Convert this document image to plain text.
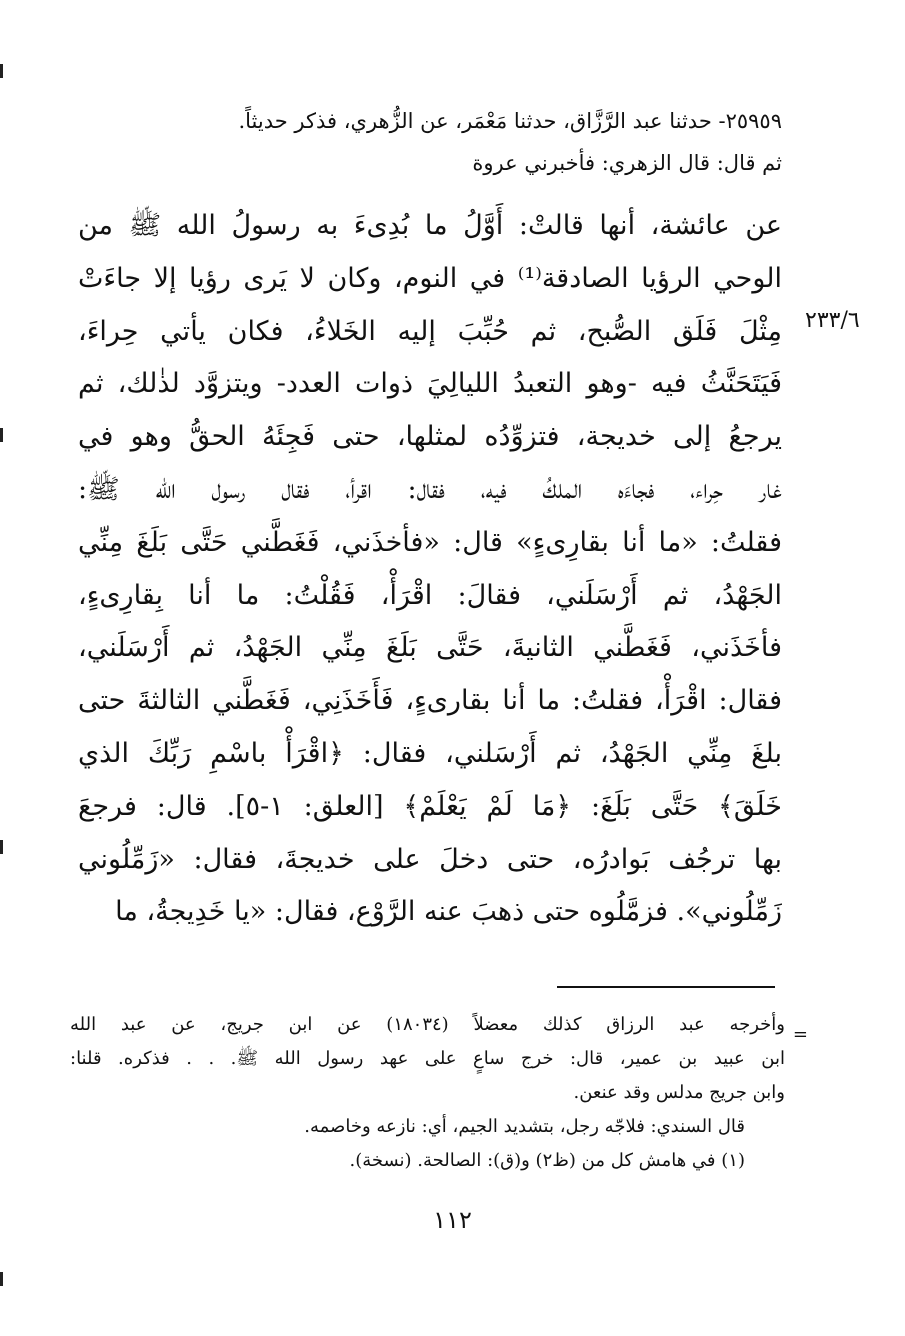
٢٥٩٥٩- حدثنا عبد الرَّزَّاق، حدثنا مَعْمَر، عن الزُّهري، فذكر حديثاً.
ثم قال: قال الزهري: فأخبرني عروة
٢٣٣/٦
عن عائشة، أنها قالتْ: أَوَّلُ ما بُدِىءَ به رسولُ الله ﷺ من
الوحي الرؤيا الصادقة⁽¹⁾ في النوم، وكان لا يَرى رؤيا إلا جاءَتْ
مِثْلَ فَلَق الصُّبح، ثم حُبِّبَ إليه الخَلاءُ، فكان يأتي حِراءَ،
فَيَتَحَنَّثُ فيه -وهو التعبدُ الليالِيَ ذوات العدد- ويتزوَّد لذٰلك، ثم
يرجعُ إلى خديجة، فتزوِّدُه لمثلها، حتى فَجِئَهُ الحقُّ وهو في
غار حِراء، فجاءَه الملكُ فيه، فقال: اقرأ، فقال رسول الله ﷺ:
فقلتُ: «ما أنا بقارِىءٍ» قال: «فأخذَني، فَغَطَّني حَتَّى بَلَغَ مِنِّي
الجَهْدُ، ثم أَرْسَلَني، فقالَ: اقْرَأْ، فَقُلْتُ: ما أنا بِقارِىءٍ،
فأخَذَني، فَغَطَّني الثانيةَ، حَتَّى بَلَغَ مِنِّي الجَهْدُ، ثم أَرْسَلَني،
فقال: اقْرَأْ، فقلتُ: ما أنا بقارىءٍ، فَأَخَذَنِي، فَغَطَّني الثالثةَ حتى
بلغَ مِنِّي الجَهْدُ، ثم أَرْسَلني، فقال: ﴿اقْرَأْ باسْمِ رَبِّكَ الذي
خَلَقَ﴾ حَتَّى بَلَغَ: ﴿مَا لَمْ يَعْلَمْ﴾ [العلق: ١-٥]. قال: فرجعَ
بها ترجُف بَوادرُه، حتى دخلَ على خديجةَ، فقال: «زَمِّلُوني
زَمِّلُوني». فزمَّلُوه حتى ذهبَ عنه الرَّوْع، فقال: «يا خَدِيجةُ، ما
=
وأخرجه عبد الرزاق كذلك معضلاً (١٨٠٣٤) عن ابن جريج، عن عبد الله
ابن عبيد بن عمير، قال: خرج ساعٍ على عهد رسول الله ﷺ. . . فذكره. قلنا:
وابن جريج مدلس وقد عنعن.
قال السندي: فلاجّه رجل، بتشديد الجيم، أي: نازعه وخاصمه.
(١) في هامش كل من (ظ٢) و(ق): الصالحة. (نسخة).
١١٢
